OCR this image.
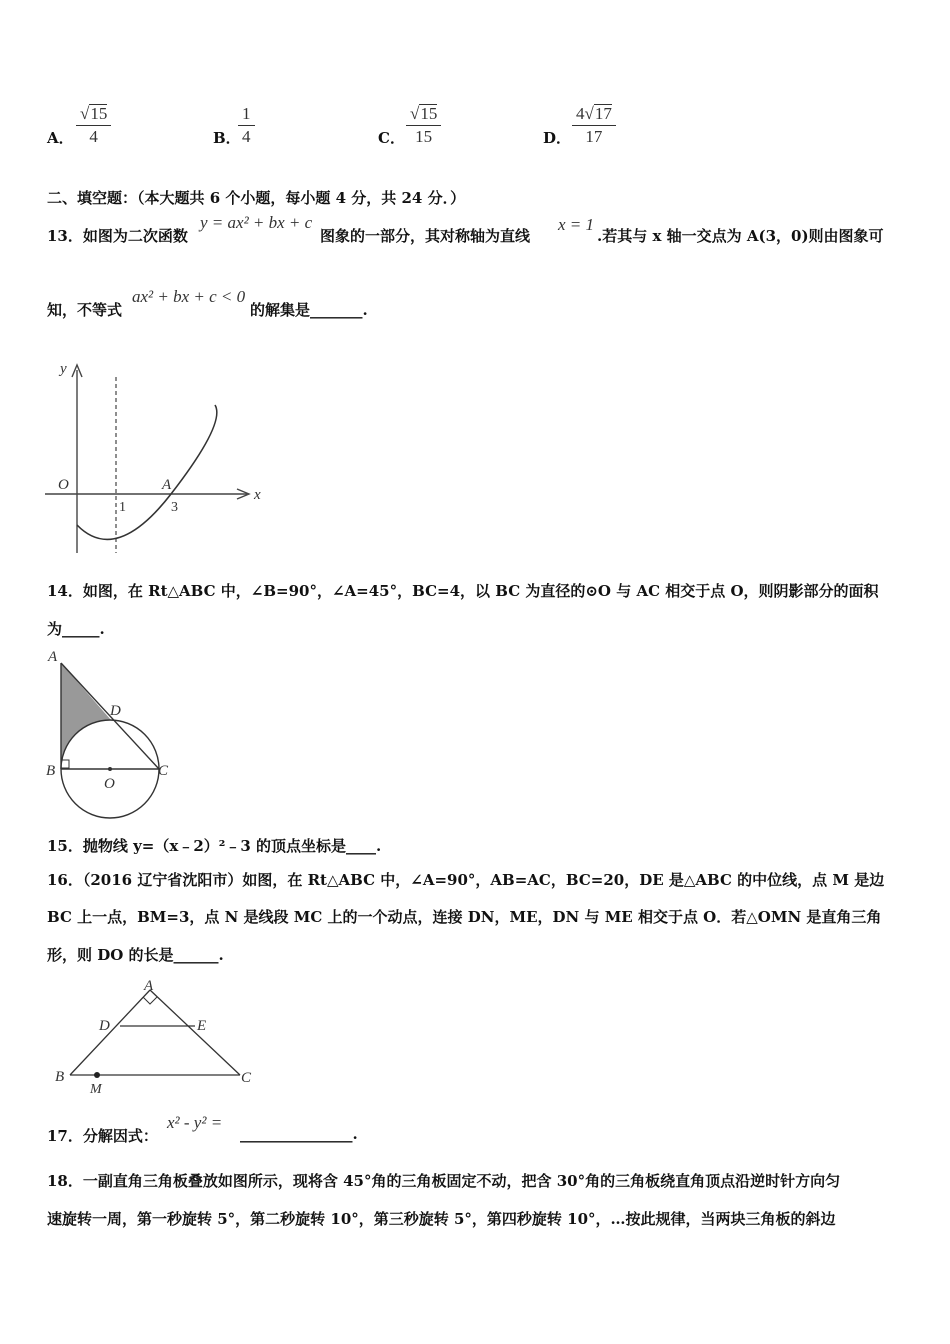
A． $\frac{√15}{4}$	B．
$\frac{1}{4}$	C． $\frac{√15}{15}$	D． $\frac{4√17}{17}$
二、填空题：（本大题共 6 个小题，每小题 4 分，共 24 分．）
13．如图为二次函数
y = ax² + bx + c
图象的一部分，其对称轴为直线
x = 1
.若其与 x 轴一交点为 A(3，0)则由图象可
知，不等式
ax² + bx + c < 0
的解集是_______.
y
x
O	A
1	3
14．如图，在 Rt△ABC 中，∠B=90°，∠A=45°，BC=4，以 BC 为直径的⊙O 与 AC 相交于点 O，则阴影部分的面积
为_____.
A
B	C
D
O
15．抛物线 y=（x﹣2）²﹣3 的顶点坐标是____.
16．（2016 辽宁省沈阳市）如图，在 Rt△ABC 中，∠A=90°，AB=AC，BC=20，DE 是△ABC 的中位线，点 M 是边
BC 上一点，BM=3，点 N 是线段 MC 上的一个动点，连接 DN，ME，DN 与 ME 相交于点 O．若△OMN 是直角三角
形，则 DO 的长是______.
A
B	C
D	E
M
17．分解因式：
x² - y² =
_______________.
18．一副直角三角板叠放如图所示，现将含 45°角的三角板固定不动，把含 30°角的三角板绕直角顶点沿逆时针方向匀
速旋转一周，第一秒旋转 5°，第二秒旋转 10°，第三秒旋转 5°，第四秒旋转 10°，…按此规律，当两块三角板的斜边
